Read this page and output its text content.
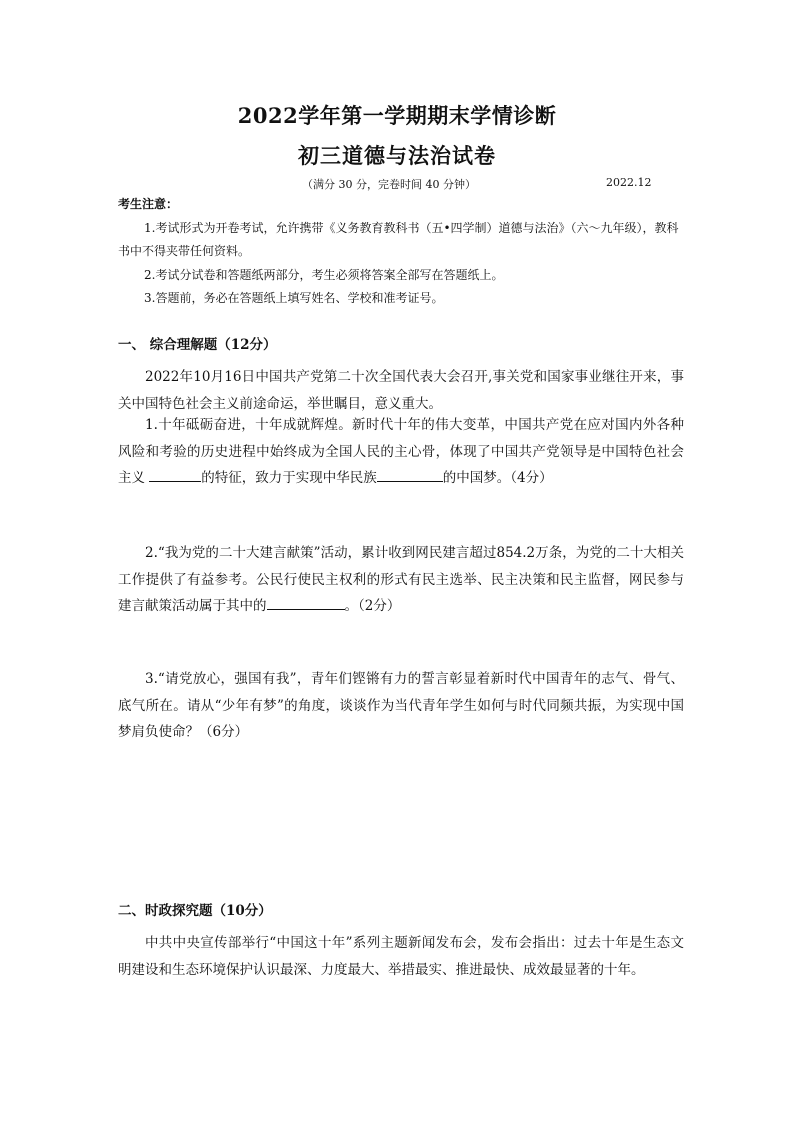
2022学年第一学期期末学情诊断
初三道德与法治试卷
（满分 30 分，完卷时间 40 分钟）	2022.12
考生注意：
1.考试形式为开卷考试，允许携带《义务教育教科书（五•四学制）道德与法治》（六～九年级），教科书中不得夹带任何资料。
2.考试分试卷和答题纸两部分，考生必须将答案全部写在答题纸上。
3.答题前，务必在答题纸上填写姓名、学校和准考证号。
一、 综合理解题（12分）
2022年10月16日中国共产党第二十次全国代表大会召开,事关党和国家事业继往开来，事关中国特色社会主义前途命运，举世瞩目，意义重大。
1.十年砥砺奋进，十年成就辉煌。新时代十年的伟大变革，中国共产党在应对国内外各种风险和考验的历史进程中始终成为全国人民的主心骨，体现了中国共产党领导是中国特色社会主义	的特征，致力于实现中华民族	的中国梦。（4分）
2.“我为党的二十大建言献策”活动，累计收到网民建言超过854.2万条，为党的二十大相关工作提供了有益参考。公民行使民主权利的形式有民主选举、民主决策和民主监督，网民参与建言献策活动属于其中的	。（2分）
3.“请党放心，强国有我”，青年们铿锵有力的誓言彰显着新时代中国青年的志气、骨气、底气所在。请从“少年有梦”的角度，谈谈作为当代青年学生如何与时代同频共振，为实现中国梦肩负使命？（6分）
二、时政探究题（10分）
中共中央宣传部举行“中国这十年”系列主题新闻发布会，发布会指出：过去十年是生态文明建设和生态环境保护认识最深、力度最大、举措最实、推进最快、成效最显著的十年。
